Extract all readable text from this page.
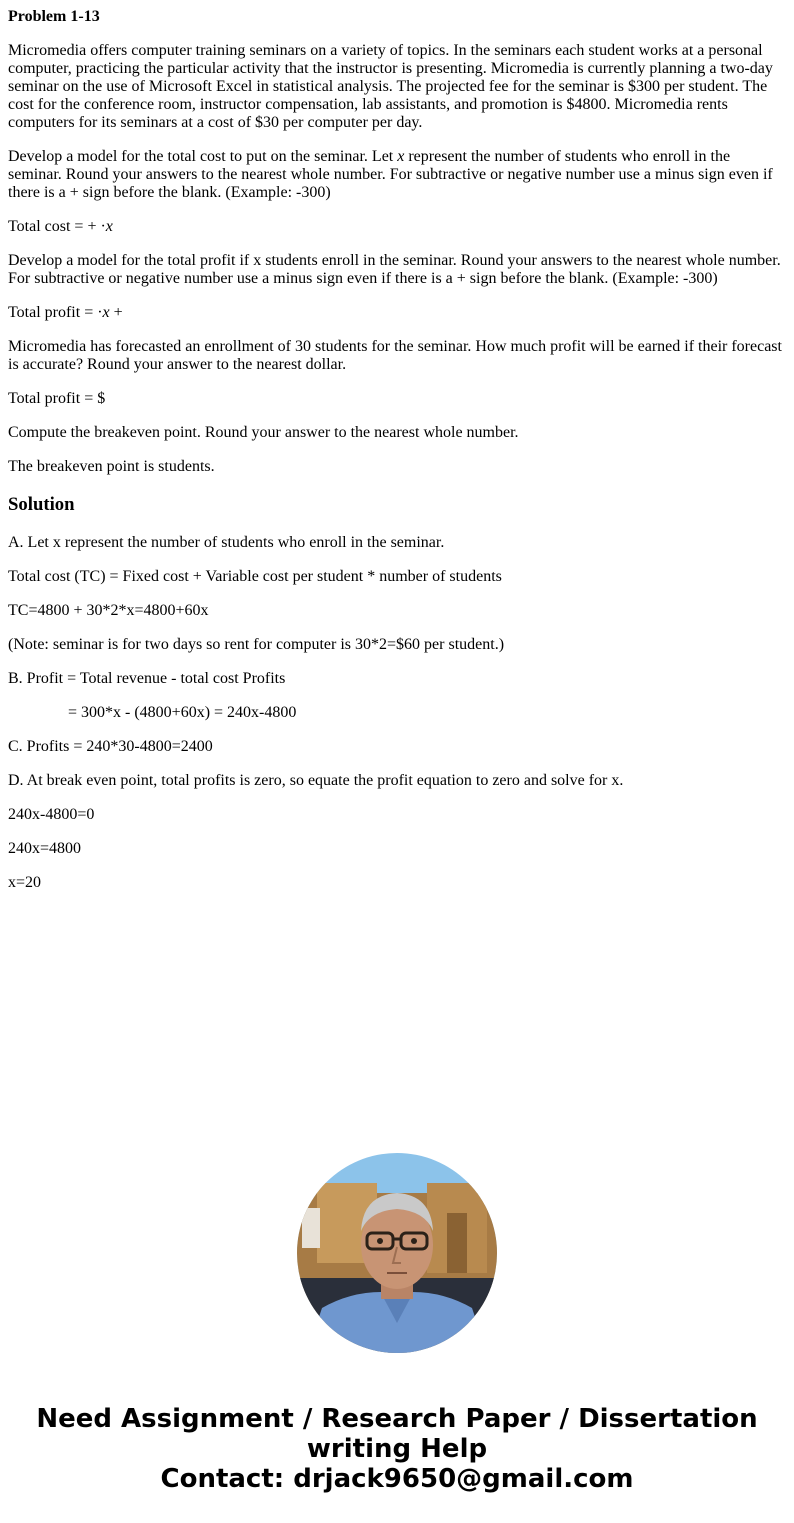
Problem 1-13

Micromedia offers computer training seminars on a variety of topics. In the seminars each student works at a personal computer, practicing the particular activity that the instructor is presenting. Micromedia is currently planning a two-day seminar on the use of Microsoft Excel in statistical analysis. The projected fee for the seminar is $300 per student. The cost for the conference room, instructor compensation, lab assistants, and promotion is $4800. Micromedia rents computers for its seminars at a cost of $30 per computer per day.

Develop a model for the total cost to put on the seminar. Let x represent the number of students who enroll in the seminar. Round your answers to the nearest whole number. For subtractive or negative number use a minus sign even if there is a + sign before the blank. (Example: -300)

Total cost = + ·x

Develop a model for the total profit if x students enroll in the seminar. Round your answers to the nearest whole number. For subtractive or negative number use a minus sign even if there is a + sign before the blank. (Example: -300)

Total profit = ·x +

Micromedia has forecasted an enrollment of 30 students for the seminar. How much profit will be earned if their forecast is accurate? Round your answer to the nearest dollar.

Total profit = $

Compute the breakeven point. Round your answer to the nearest whole number.

The breakeven point is students.

Solution

A. Let x represent the number of students who enroll in the seminar.

Total cost (TC) = Fixed cost + Variable cost per student * number of students

TC=4800 + 30*2*x=4800+60x

(Note: seminar is for two days so rent for computer is 30*2=$60 per student.)

B. Profit = Total revenue - total cost Profits

= 300*x - (4800+60x) = 240x-4800

C. Profits = 240*30-4800=2400

D. At break even point, total profits is zero, so equate the profit equation to zero and solve for x.

240x-4800=0

240x=4800

x=20

Need Assignment / Research Paper / Dissertation
writing Help
Contact: drjack9650@gmail.com
